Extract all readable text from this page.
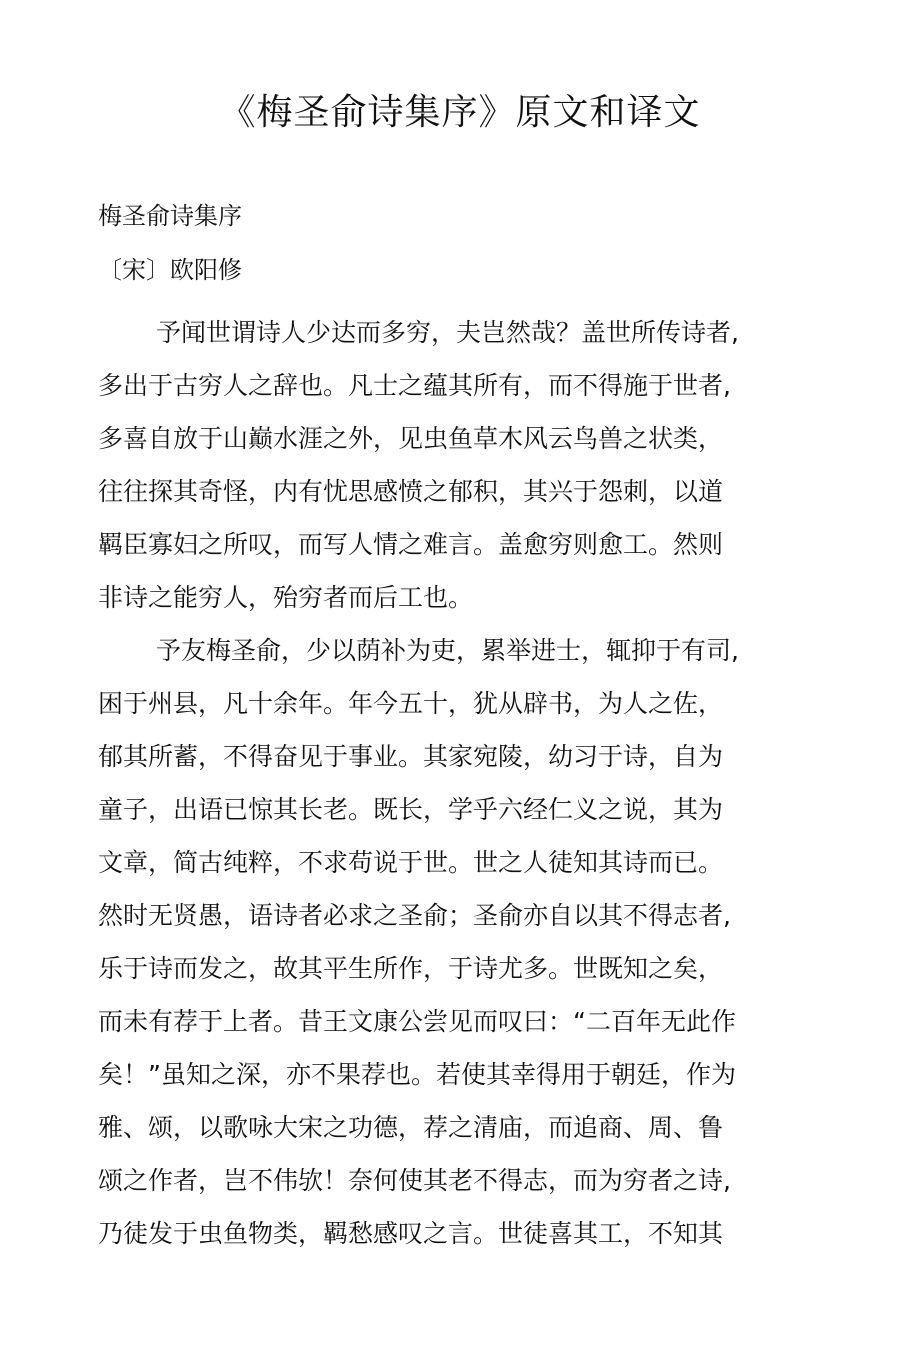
《梅圣俞诗集序》原文和译文
梅圣俞诗集序
〔宋〕欧阳修
予闻世谓诗人少达而多穷，夫岂然哉？盖世所传诗者,
多出于古穷人之辞也。凡士之蕴其所有，而不得施于世者,
多喜自放于山巅水涯之外，见虫鱼草木风云鸟兽之状类，
往往探其奇怪，内有忧思感愤之郁积，其兴于怨刺，以道
羁臣寡妇之所叹，而写人情之难言。盖愈穷则愈工。然则
非诗之能穷人，殆穷者而后工也。
予友梅圣俞，少以荫补为吏，累举进士，辄抑于有司,
困于州县，凡十余年。年今五十，犹从辟书，为人之佐，
郁其所蓄，不得奋见于事业。其家宛陵，幼习于诗，自为
童子，出语已惊其长老。既长，学乎六经仁义之说，其为
文章，简古纯粹，不求苟说于世。世之人徒知其诗而已。
然时无贤愚，语诗者必求之圣俞；圣俞亦自以其不得志者,
乐于诗而发之，故其平生所作，于诗尤多。世既知之矣，
而未有荐于上者。昔王文康公尝见而叹曰：“二百年无此作
矣！”虽知之深，亦不果荐也。若使其幸得用于朝廷，作为
雅、颂，以歌咏大宋之功德，荐之清庙，而追商、周、鲁
颂之作者，岂不伟欤！奈何使其老不得志，而为穷者之诗,
乃徒发于虫鱼物类，羁愁感叹之言。世徒喜其工，不知其
